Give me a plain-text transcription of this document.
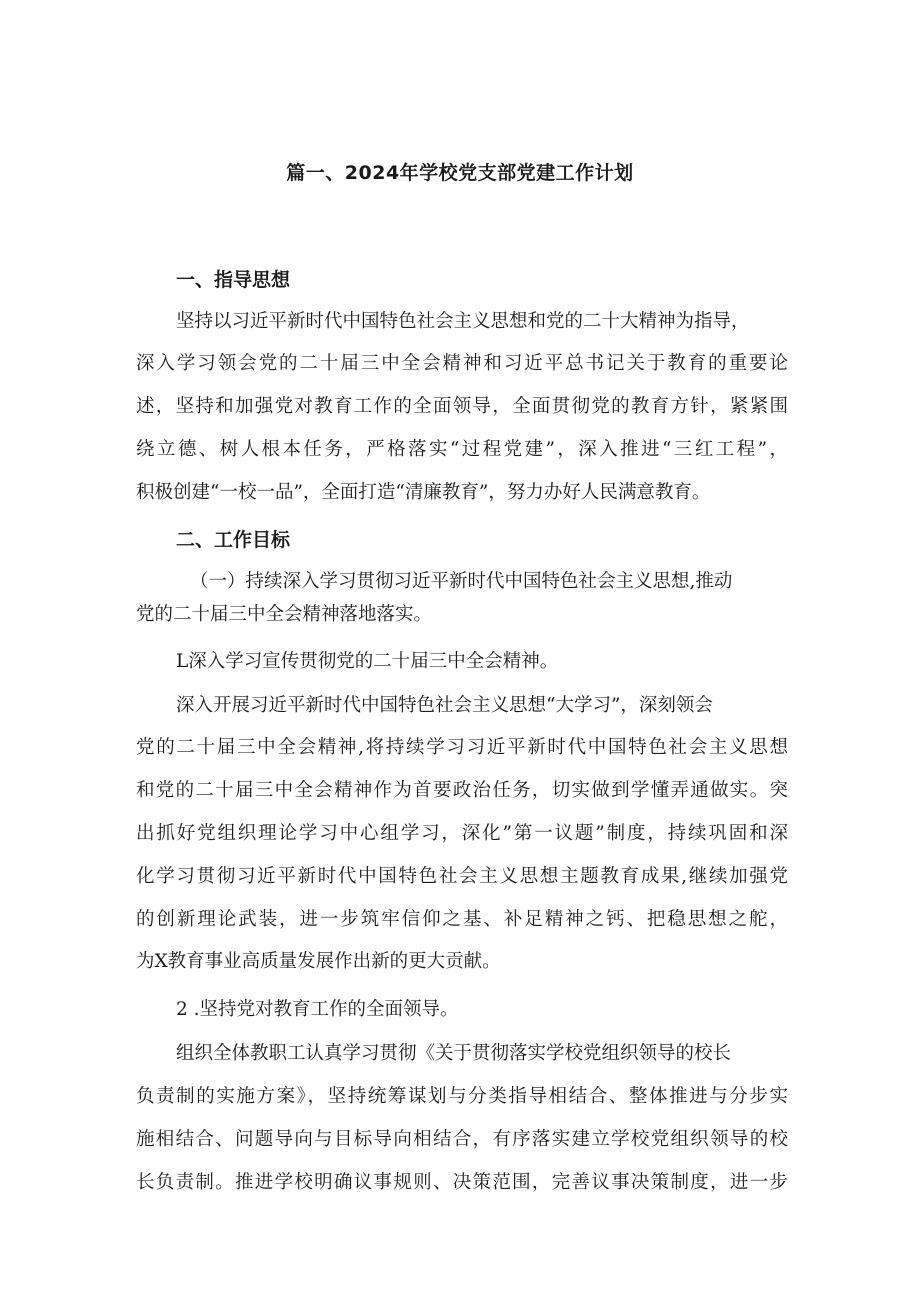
篇一、2024年学校党支部党建工作计划
一、指导思想
坚持以习近平新时代中国特色社会主义思想和党的二十大精神为指导，
深入学习领会党的二十届三中全会精神和习近平总书记关于教育的重要论
述，坚持和加强党对教育工作的全面领导，全面贯彻党的教育方针，紧紧围
绕立德、树人根本任务，严格落实“过程党建”，深入推进“三红工程”，
积极创建“一校一品”，全面打造“清廉教育”，努力办好人民满意教育。
二、工作目标
（一）持续深入学习贯彻习近平新时代中国特色社会主义思想,推动
党的二十届三中全会精神落地落实。
L深入学习宣传贯彻党的二十届三中全会精神。
深入开展习近平新时代中国特色社会主义思想“大学习”，深刻领会
党的二十届三中全会精神,将持续学习习近平新时代中国特色社会主义思想
和党的二十届三中全会精神作为首要政治任务，切实做到学懂弄通做实。突
出抓好党组织理论学习中心组学习，深化”第一议题”制度，持续巩固和深
化学习贯彻习近平新时代中国特色社会主义思想主题教育成果,继续加强党
的创新理论武装，进一步筑牢信仰之基、补足精神之钙、把稳思想之舵，
为X教育事业高质量发展作出新的更大贡献。
2 .坚持党对教育工作的全面领导。
组织全体教职工认真学习贯彻《关于贯彻落实学校党组织领导的校长
负责制的实施方案》，坚持统筹谋划与分类指导相结合、整体推进与分步实
施相结合、问题导向与目标导向相结合，有序落实建立学校党组织领导的校
长负责制。推进学校明确议事规则、决策范围，完善议事决策制度，进一步
